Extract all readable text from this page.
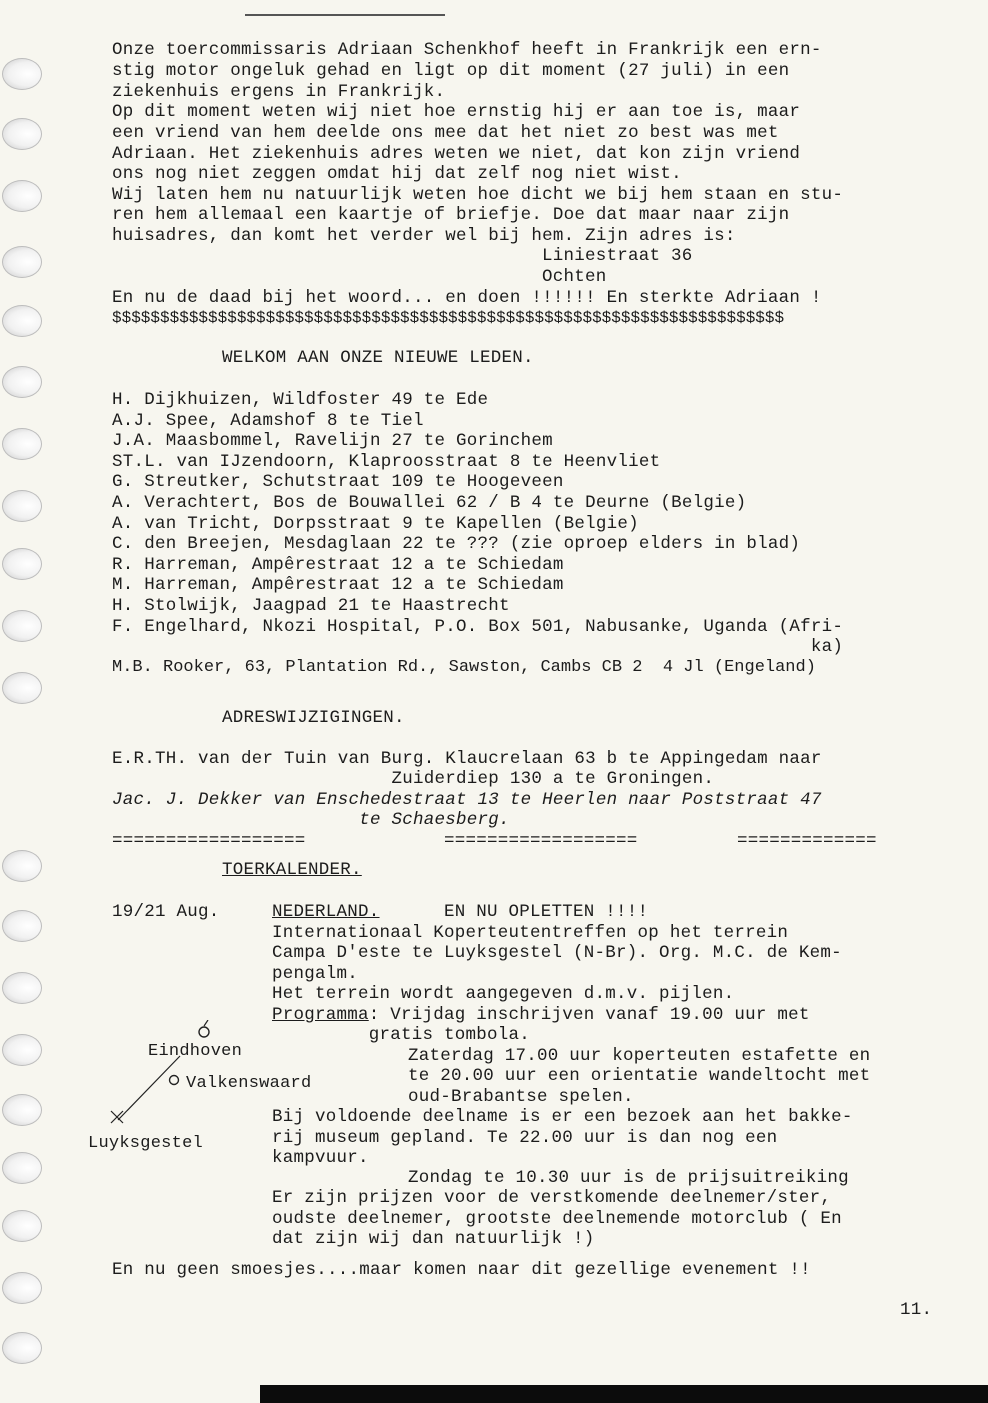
Onze toercommissaris Adriaan Schenkhof heeft in Frankrijk een ern-
stig motor ongeluk gehad en ligt op dit moment (27 juli) in een
ziekenhuis ergens in Frankrijk.
Op dit moment weten wij niet hoe ernstig hij er aan toe is, maar
een vriend van hem deelde ons mee dat het niet zo best was met
Adriaan. Het ziekenhuis adres weten we niet, dat kon zijn vriend
ons nog niet zeggen omdat hij dat zelf nog niet wist.
Wij laten hem nu natuurlijk weten hoe dicht we bij hem staan en stu-
ren hem allemaal een kaartje of briefje. Doe dat maar naar zijn
huisadres, dan komt het verder wel bij hem. Zijn adres is:
Liniestraat 36
Ochten
En nu de daad bij het woord... en doen !!!!!! En sterkte Adriaan !
$$$$$$$$$$$$$$$$$$$$$$$$$$$$$$$$$$$$$$$$$$$$$$$$$$$$$$$$$$$$$$$$$$$$$$
WELKOM AAN ONZE NIEUWE LEDEN.
H. Dijkhuizen, Wildfoster 49 te Ede
A.J. Spee, Adamshof 8 te Tiel
J.A. Maasbommel, Ravelijn 27 te Gorinchem
ST.L. van IJzendoorn, Klaproosstraat 8 te Heenvliet
G. Streutker, Schutstraat 109 te Hoogeveen
A. Verachtert, Bos de Bouwallei 62 / B 4 te Deurne (Belgie)
A. van Tricht, Dorpsstraat 9 te Kapellen (Belgie)
C. den Breejen, Mesdaglaan 22 te ??? (zie oproep elders in blad)
R. Harreman, Ampêrestraat 12 a te Schiedam
M. Harreman, Ampêrestraat 12 a te Schiedam
H. Stolwijk, Jaagpad 21 te Haastrecht
F. Engelhard, Nkozi Hospital, P.O. Box 501, Nabusanke, Uganda (Afri-
ka)
M.B. Rooker, 63, Plantation Rd., Sawston, Cambs CB 2  4 Jl (Engeland)
ADRESWIJZIGINGEN.
E.R.TH. van der Tuin van Burg. Klaucrelaan 63 b te Appingedam naar
Zuiderdiep 130 a te Groningen.
Jac. J. Dekker van Enschedestraat 13 te Heerlen naar Poststraat 47
te Schaesberg.
==================	==================	=============
TOERKALENDER.
19/21 Aug.	NEDERLAND.	EN NU OPLETTEN !!!!
Internationaal Koperteutentreffen op het terrein
Campa D'este te Luyksgestel (N-Br). Org. M.C. de Kem-
pengalm.
Het terrein wordt aangegeven d.m.v. pijlen.
Programma: Vrijdag inschrijven vanaf 19.00 uur met
gratis tombola.
Zaterdag 17.00 uur koperteuten estafette en
te 20.00 uur een orientatie wandeltocht met
oud-Brabantse spelen.
Bij voldoende deelname is er een bezoek aan het bakke-
rij museum gepland. Te 22.00 uur is dan nog een
kampvuur.
Zondag te 10.30 uur is de prijsuitreiking
Er zijn prijzen voor de verstkomende deelnemer/ster,
oudste deelnemer, grootste deelnemende motorclub ( En
dat zijn wij dan natuurlijk !)
Eindhoven
Valkenswaard
Luyksgestel
En nu geen smoesjes....maar komen naar dit gezellige evenement !!
11.
